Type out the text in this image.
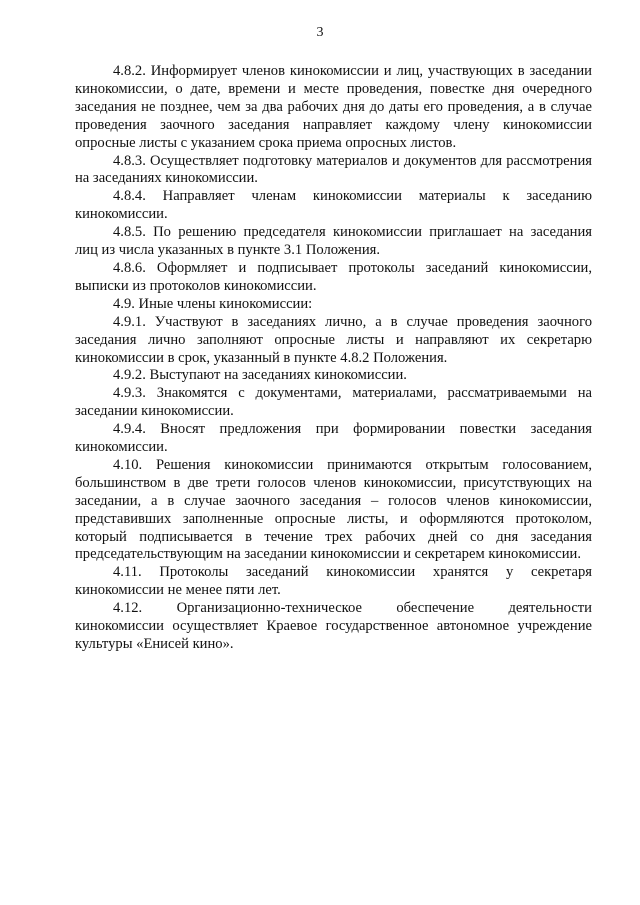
3

4.8.2. Информирует членов кинокомиссии и лиц, участвующих в заседании кинокомиссии, о дате, времени и месте проведения, повестке дня очередного заседания не позднее, чем за два рабочих дня до даты его проведения, а в случае проведения заочного заседания направляет каждому члену кинокомиссии опросные листы с указанием срока приема опросных листов.

4.8.3. Осуществляет подготовку материалов и документов для рассмотрения на заседаниях кинокомиссии.

4.8.4. Направляет членам кинокомиссии материалы к заседанию кинокомиссии.

4.8.5. По решению председателя кинокомиссии приглашает на заседания лиц из числа указанных в пункте 3.1 Положения.

4.8.6. Оформляет и подписывает протоколы заседаний кинокомиссии, выписки из протоколов кинокомиссии.

4.9. Иные члены кинокомиссии:

4.9.1. Участвуют в заседаниях лично, а в случае проведения заочного заседания лично заполняют опросные листы и направляют их секретарю кинокомиссии в срок, указанный в пункте 4.8.2 Положения.

4.9.2. Выступают на заседаниях кинокомиссии.

4.9.3. Знакомятся с документами, материалами, рассматриваемыми на заседании кинокомиссии.

4.9.4. Вносят предложения при формировании повестки заседания кинокомиссии.

4.10. Решения кинокомиссии принимаются открытым голосованием, большинством в две трети голосов членов кинокомиссии, присутствующих на заседании, а в случае заочного заседания – голосов членов кинокомиссии, представивших заполненные опросные листы, и оформляются протоколом, который подписывается в течение трех рабочих дней со дня заседания председательствующим на заседании кинокомиссии и секретарем кинокомиссии.

4.11. Протоколы заседаний кинокомиссии хранятся у секретаря кинокомиссии не менее пяти лет.

4.12. Организационно-техническое обеспечение деятельности кинокомиссии осуществляет Краевое государственное автономное учреждение культуры «Енисей кино».
